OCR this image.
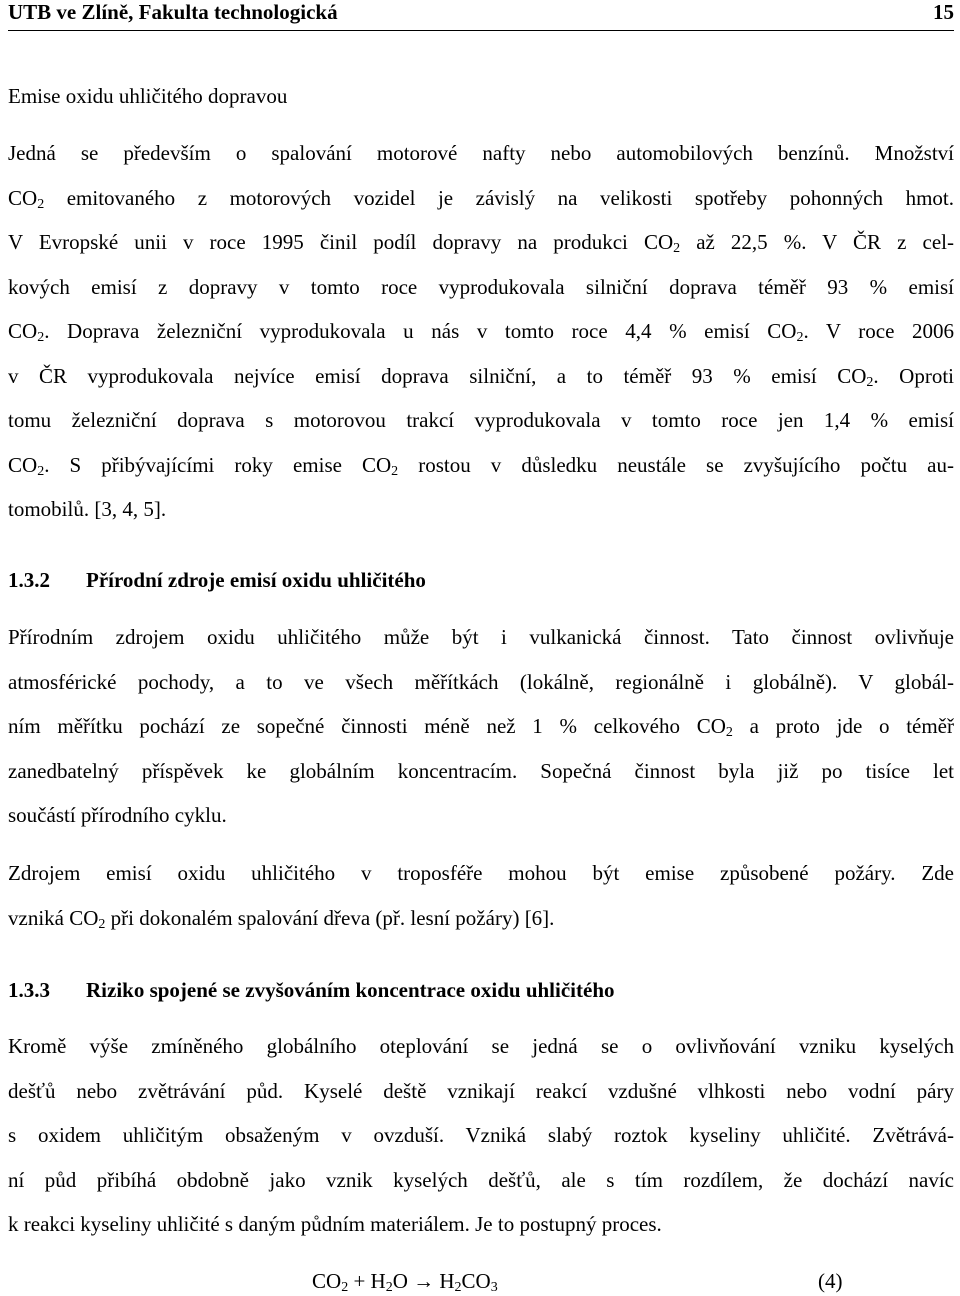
UTB ve Zlíně, Fakulta technologická	15
Emise oxidu uhličitého dopravou
Jedná se především o spalování motorové nafty nebo automobilových benzínů. Množství
$CO_2$ emitovaného z motorových vozidel je závislý na velikosti spotřeby pohonných hmot.
V Evropské unii v roce 1995 činil podíl dopravy na produkci $CO_2$ až 22,5 %. V ČR z cel-
kových emisí z dopravy v tomto roce vyprodukovala silniční doprava téměř 93 % emisí
$CO_2$. Doprava železniční vyprodukovala u nás v tomto roce 4,4 % emisí $CO_2$. V roce 2006
v ČR vyprodukovala nejvíce emisí doprava silniční, a to téměř 93 % emisí $CO_2$. Oproti
tomu železniční doprava s motorovou trakcí vyprodukovala v tomto roce jen 1,4 % emisí
$CO_2$. S přibývajícími roky emise $CO_2$ rostou v důsledku neustále se zvyšujícího počtu au-
tomobilů. [3, 4, 5].
1.3.2 Přírodní zdroje emisí oxidu uhličitého
Přírodním zdrojem oxidu uhličitého může být i vulkanická činnost. Tato činnost ovlivňuje
atmosférické pochody, a to ve všech měřítkách (lokálně, regionálně i globálně). V globál-
ním měřítku pochází ze sopečné činnosti méně než 1 % celkového $CO_2$ a proto jde o téměř
zanedbatelný příspěvek ke globálním koncentracím. Sopečná činnost byla již po tisíce let
součástí přírodního cyklu.
Zdrojem emisí oxidu uhličitého v troposféře mohou být emise způsobené požáry. Zde
vzniká $CO_2$ při dokonalém spalování dřeva (př. lesní požáry) [6].
1.3.3 Riziko spojené se zvyšováním koncentrace oxidu uhličitého
Kromě výše zmíněného globálního oteplování se jedná se o ovlivňování vzniku kyselých
dešťů nebo zvětrávání půd. Kyselé deště vznikají reakcí vzdušné vlhkosti nebo vodní páry
s oxidem uhličitým obsaženým v ovzduší. Vzniká slabý roztok kyseliny uhličité. Zvětrává-
ní půd přibíhá obdobně jako vznik kyselých dešťů, ale s tím rozdílem, že dochází navíc
k reakci kyseliny uhličité s daným půdním materiálem. Je to postupný proces.
$CO_2 + H_2O \to H_2CO_3$	(4)
